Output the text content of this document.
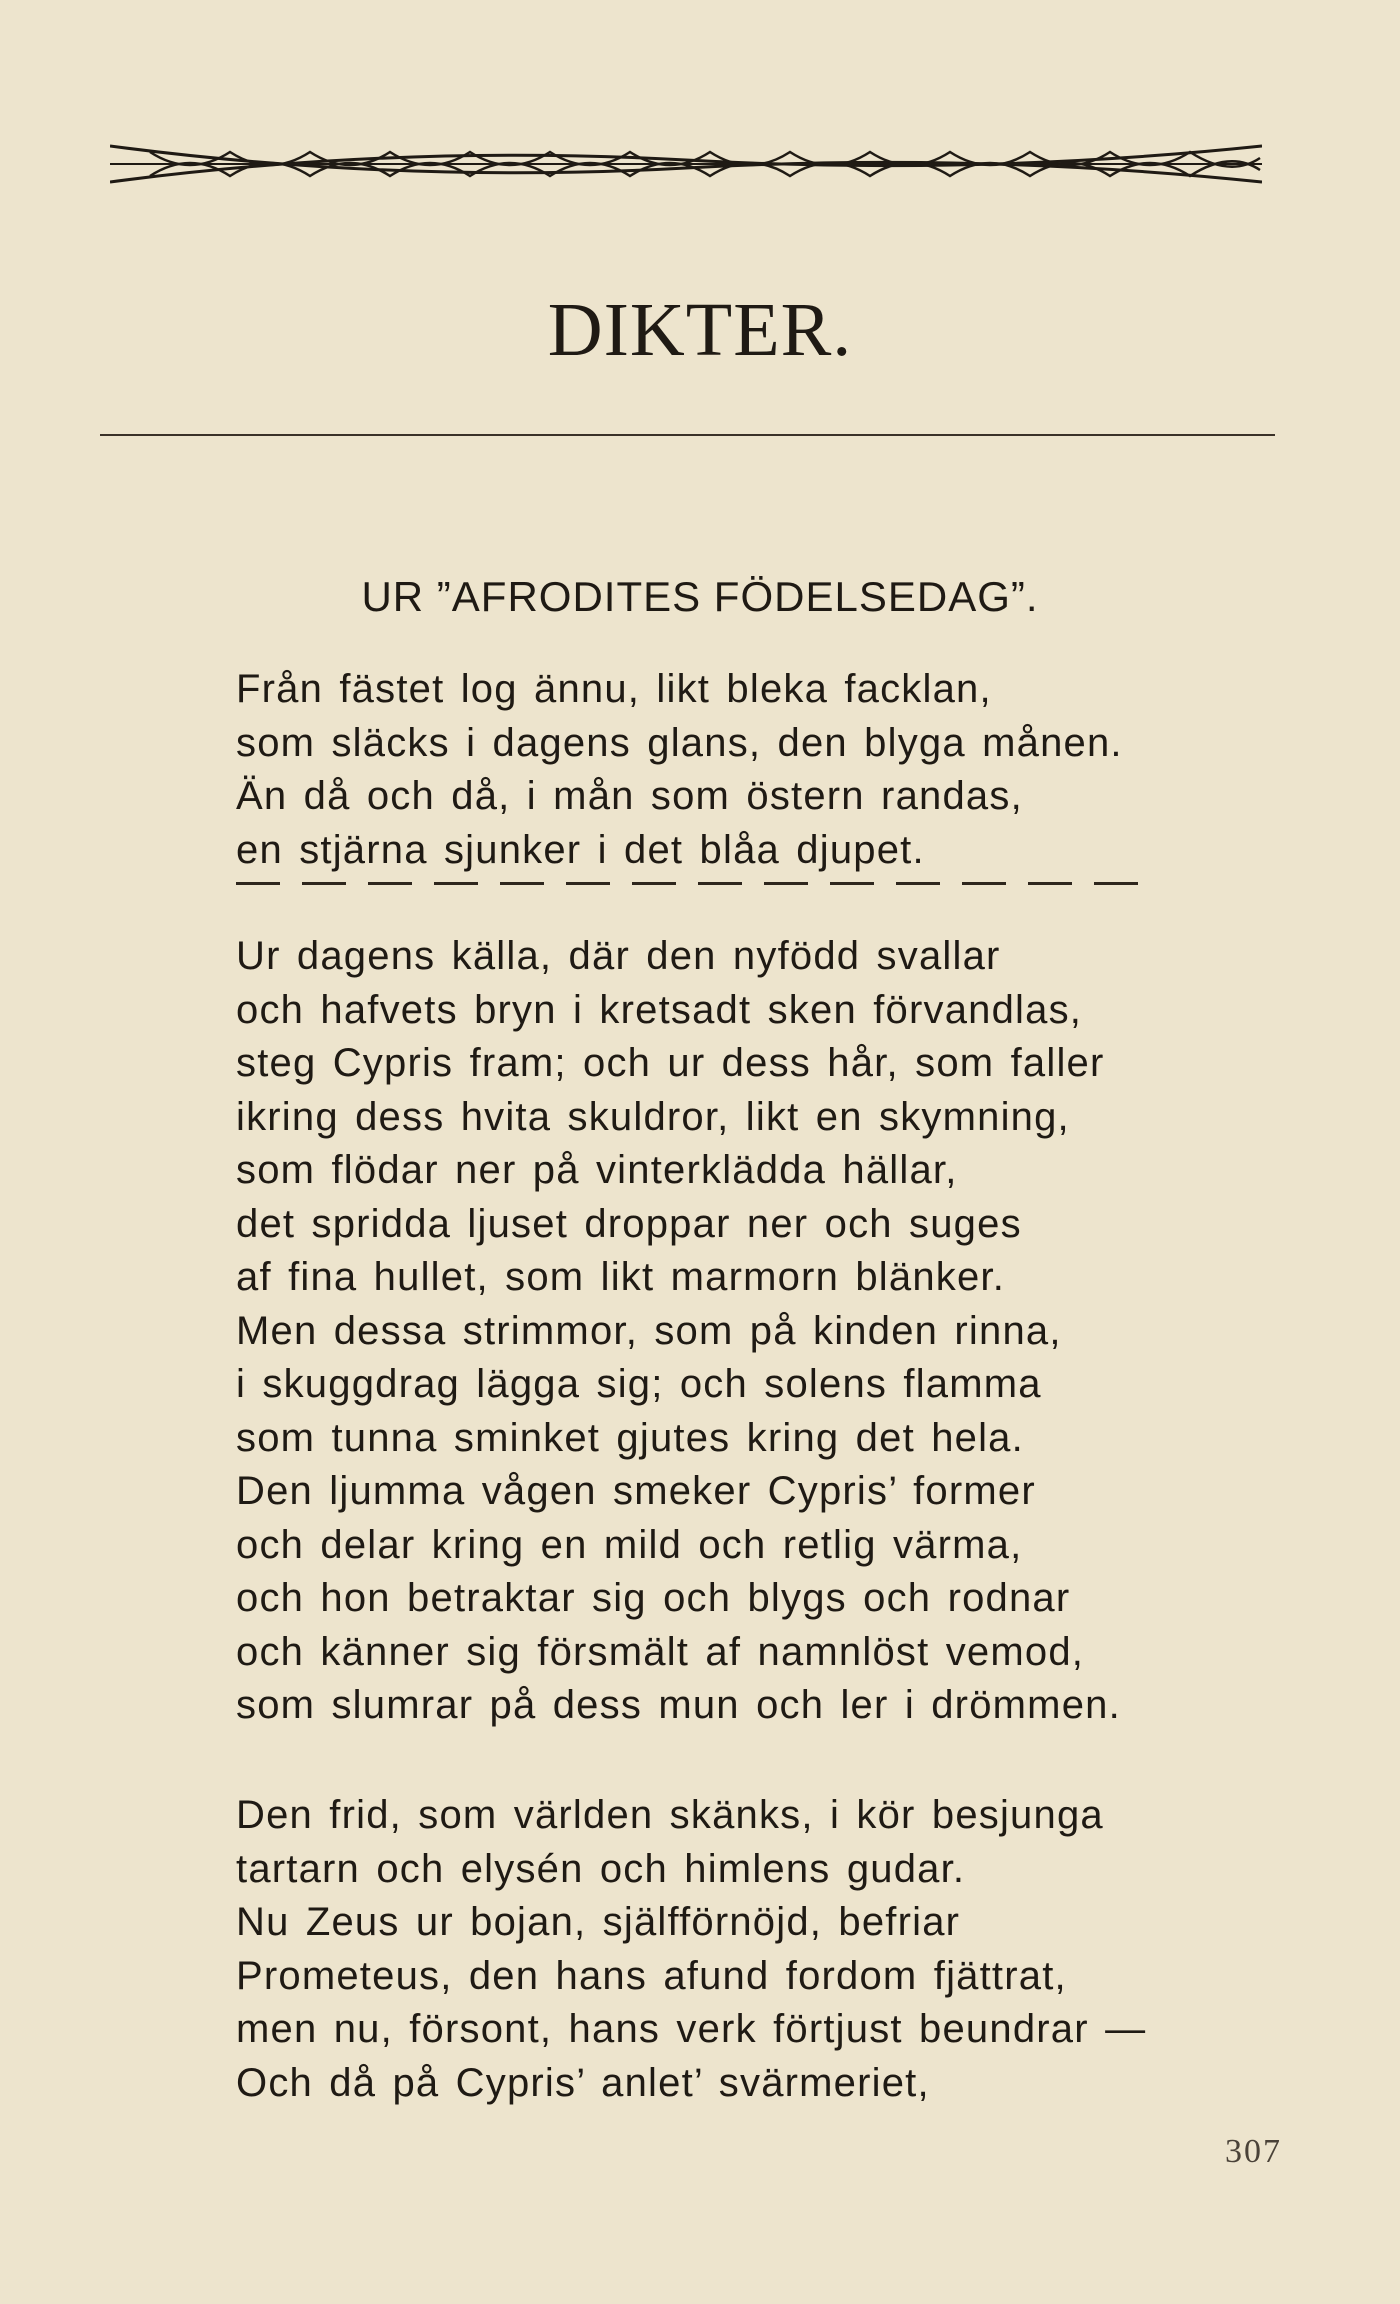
DIKTER.
UR ”AFRODITES FÖDELSEDAG”.
Från fästet log ännu, likt bleka facklan,
som släcks i dagens glans, den blyga månen.
Än då och då, i mån som östern randas,
en stjärna sjunker i det blåa djupet.
Ur dagens källa, där den nyfödd svallar
och hafvets bryn i kretsadt sken förvandlas,
steg Cypris fram; och ur dess hår, som faller
ikring dess hvita skuldror, likt en skymning,
som flödar ner på vinterklädda hällar,
det spridda ljuset droppar ner och suges
af fina hullet, som likt marmorn blänker.
Men dessa strimmor, som på kinden rinna,
i skuggdrag lägga sig; och solens flamma
som tunna sminket gjutes kring det hela.
Den ljumma vågen smeker Cypris’ former
och delar kring en mild och retlig värma,
och hon betraktar sig och blygs och rodnar
och känner sig försmält af namnlöst vemod,
som slumrar på dess mun och ler i drömmen.
Den frid, som världen skänks, i kör besjunga
tartarn och elysén och himlens gudar.
Nu Zeus ur bojan, själfförnöjd, befriar
Prometeus, den hans afund fordom fjättrat,
men nu, försont, hans verk förtjust beundrar —
Och då på Cypris’ anlet’ svärmeriet,
307
